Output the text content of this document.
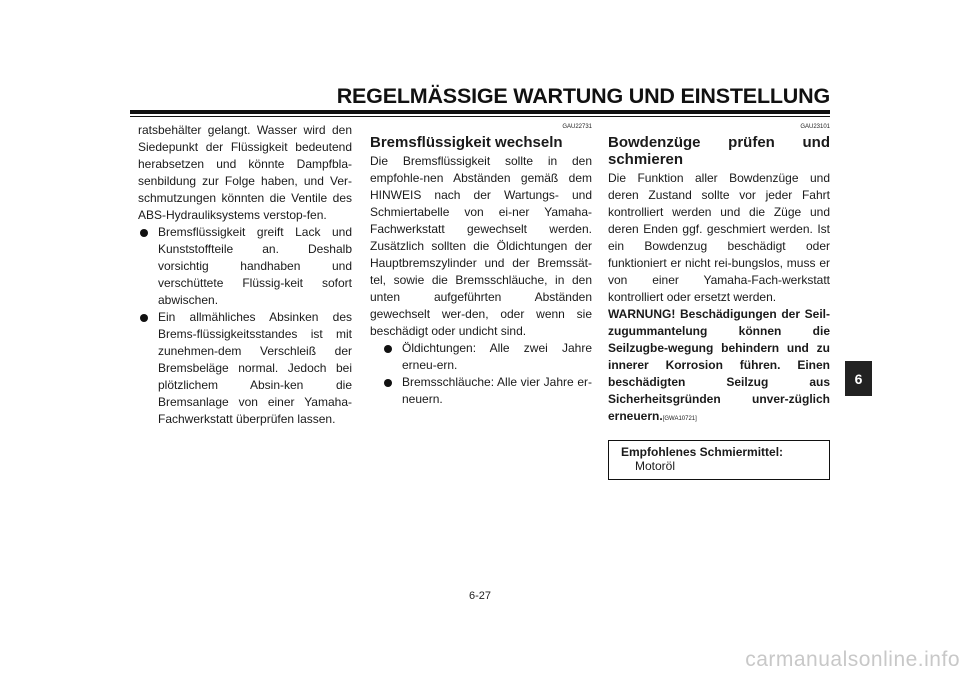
REGELMÄSSIGE WARTUNG UND EINSTELLUNG
ratsbehälter gelangt. Wasser wird den Siedepunkt der Flüssigkeit bedeutend herabsetzen und könnte Dampfbla-senbildung zur Folge haben, und Ver-schmutzungen könnten die Ventile des ABS-Hydrauliksystems verstop-fen.
Bremsflüssigkeit greift Lack und Kunststoffteile an. Deshalb vorsichtig handhaben und verschüttete Flüssig-keit sofort abwischen.
Ein allmähliches Absinken des Brems-flüssigkeitsstandes ist mit zunehmen-dem Verschleiß der Bremsbeläge normal. Jedoch bei plötzlichem Absin-ken die Bremsanlage von einer Yamaha-Fachwerkstatt überprüfen lassen.
GAU22731
Bremsflüssigkeit wechseln
Die Bremsflüssigkeit sollte in den empfohle-nen Abständen gemäß dem HINWEIS nach der Wartungs- und Schmiertabelle von ei-ner Yamaha-Fachwerkstatt gewechselt werden. Zusätzlich sollten die Öldichtungen der Hauptbremszylinder und der Bremssät-tel, sowie die Bremsschläuche, in den unten aufgeführten Abständen gewechselt wer-den, oder wenn sie beschädigt oder undicht sind.
Öldichtungen: Alle zwei Jahre erneu-ern.
Bremsschläuche: Alle vier Jahre er-neuern.
GAU23101
Bowdenzüge prüfen und schmieren
Die Funktion aller Bowdenzüge und deren Zustand sollte vor jeder Fahrt kontrolliert werden und die Züge und deren Enden ggf. geschmiert werden. Ist ein Bowdenzug beschädigt oder funktioniert er nicht rei-bungslos, muss er von einer Yamaha-Fach-werkstatt kontrolliert oder ersetzt werden.
WARNUNG! Beschädigungen der Seil-zugummantelung können die Seilzugbe-wegung behindern und zu innerer Korrosion führen. Einen beschädigten Seilzug aus Sicherheitsgründen unver-züglich erneuern.[GWA10721]
Empfohlenes Schmiermittel:
Motoröl
6
6-27
carmanualsonline.info
